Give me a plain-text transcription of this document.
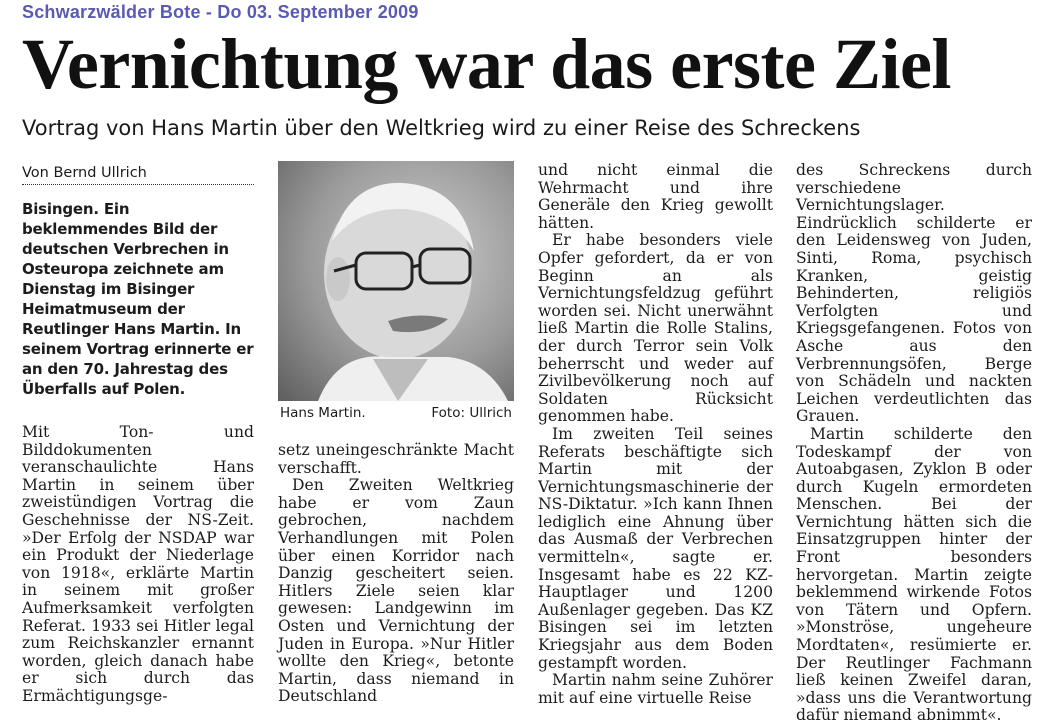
Schwarzwälder Bote - Do 03. September 2009
Vernichtung war das erste Ziel
Vortrag von Hans Martin über den Weltkrieg wird zu einer Reise des Schreckens
Von Bernd Ullrich
Bisingen. Ein beklemmendes Bild der deutschen Verbrechen in Osteuropa zeichnete am Dienstag im Bisinger Heimatmuseum der Reutlinger Hans Martin. In seinem Vortrag erinnerte er an den 70. Jahrestag des Überfalls auf Polen.
Hans Martin.	Foto: Ullrich

Mit Ton- und Bilddokumenten veranschaulichte Hans Martin in seinem über zweistündigen Vortrag die Geschehnisse der NS-Zeit. »Der Erfolg der NSDAP war ein Produkt der Niederlage von 1918«, erklärte Martin in seinem mit großer Aufmerksamkeit verfolgten Referat. 1933 sei Hitler legal zum Reichskanzler ernannt worden, gleich danach habe er sich durch das Ermächtigungsge-

setz uneingeschränkte Macht verschafft.

Den Zweiten Weltkrieg habe er vom Zaun gebrochen, nachdem Verhandlungen mit Polen über einen Korridor nach Danzig gescheitert seien. Hitlers Ziele seien klar gewesen: Landgewinn im Osten und Vernichtung der Juden in Europa. »Nur Hitler wollte den Krieg«, betonte Martin, dass niemand in Deutschland

und nicht einmal die Wehrmacht und ihre Generäle den Krieg gewollt hätten.

Er habe besonders viele Opfer gefordert, da er von Beginn an als Vernichtungsfeldzug geführt worden sei. Nicht unerwähnt ließ Martin die Rolle Stalins, der durch Terror sein Volk beherrscht und weder auf Zivilbevölkerung noch auf Soldaten Rücksicht genommen habe.

Im zweiten Teil seines Referats beschäftigte sich Martin mit der Vernichtungsmaschinerie der NS-Diktatur. »Ich kann Ihnen lediglich eine Ahnung über das Ausmaß der Verbrechen vermitteln«, sagte er. Insgesamt habe es 22 KZ-Hauptlager und 1200 Außenlager gegeben. Das KZ Bisingen sei im letzten Kriegsjahr aus dem Boden gestampft worden.

Martin nahm seine Zuhörer mit auf eine virtuelle Reise

des Schreckens durch verschiedene Vernichtungslager. Eindrücklich schilderte er den Leidensweg von Juden, Sinti, Roma, psychisch Kranken, geistig Behinderten, religiös Verfolgten und Kriegsgefangenen. Fotos von Asche aus den Verbrennungsöfen, Berge von Schädeln und nackten Leichen verdeutlichten das Grauen.

Martin schilderte den Todeskampf der von Autoabgasen, Zyklon B oder durch Kugeln ermordeten Menschen. Bei der Vernichtung hätten sich die Einsatzgruppen hinter der Front besonders hervorgetan. Martin zeigte beklemmend wirkende Fotos von Tätern und Opfern. »Monströse, ungeheure Mordtaten«, resümierte er. Der Reutlinger Fachmann ließ keinen Zweifel daran, »dass uns die Verantwortung dafür niemand abnimmt«.
